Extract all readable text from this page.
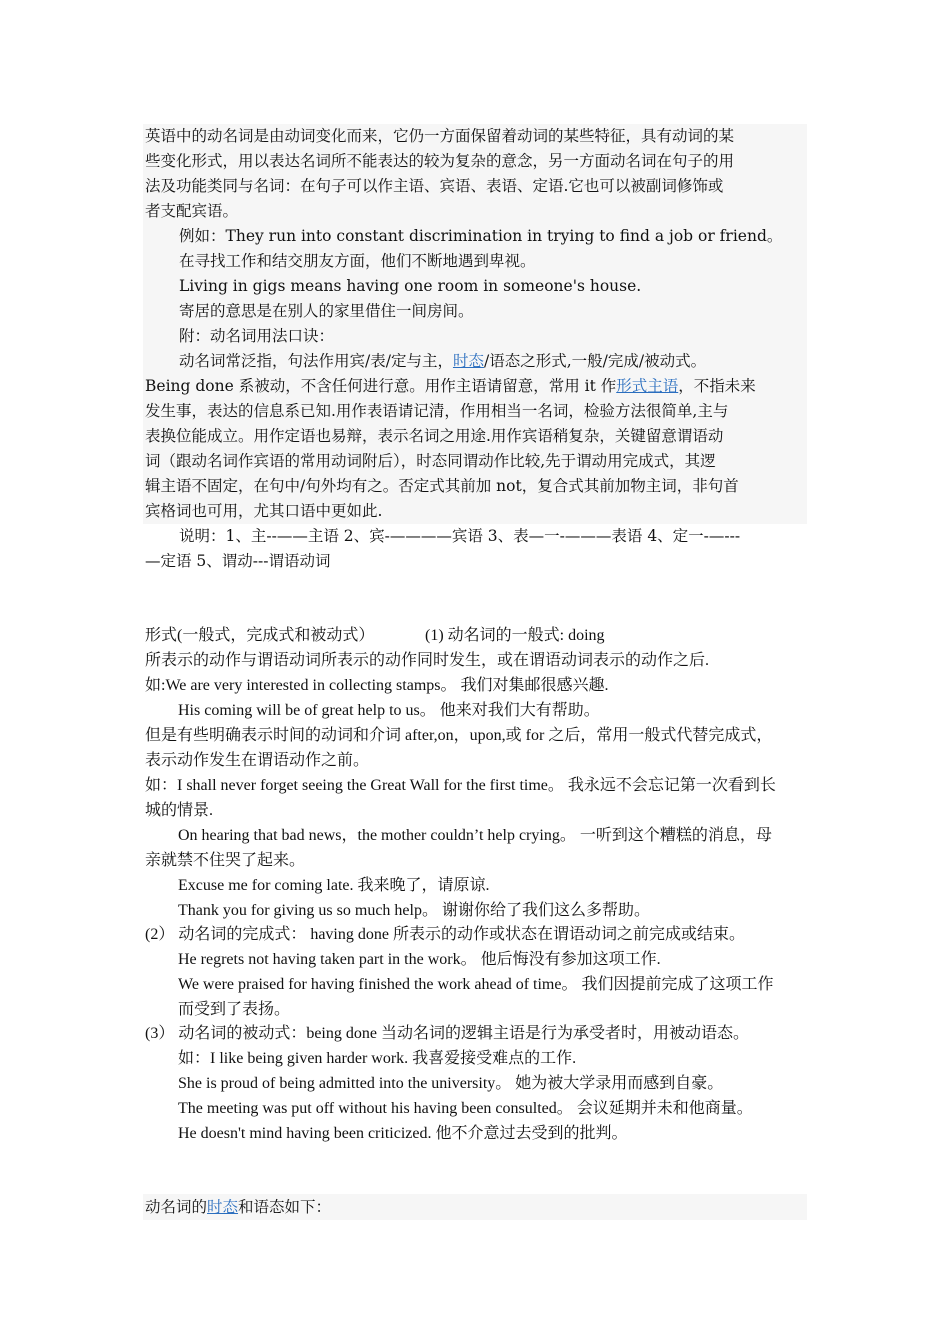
英语中的动名词是由动词变化而来，它仍一方面保留着动词的某些特征，具有动词的某
些变化形式，用以表达名词所不能表达的较为复杂的意念，另一方面动名词在句子的用
法及功能类同与名词：在句子可以作主语、宾语、表语、定语.它也可以被副词修饰或
者支配宾语。
例如：They run into constant discrimination in trying to find a job or friend。
在寻找工作和结交朋友方面，他们不断地遇到卑视。
Living in gigs means having one room in someone's house.
寄居的意思是在别人的家里借住一间房间。
附：动名词用法口诀：
动名词常泛指，句法作用宾/表/定与主，时态/语态之形式,一般/完成/被动式。
Being done 系被动，不含任何进行意。用作主语请留意，常用 it 作形式主语，不指未来
发生事，表达的信息系已知.用作表语请记清，作用相当一名词，检验方法很简单,主与
表换位能成立。用作定语也易辩，表示名词之用途.用作宾语稍复杂，关键留意谓语动
词（跟动名词作宾语的常用动词附后），时态同谓动作比较,先于谓动用完成式，其逻
辑主语不固定，在句中/句外均有之。否定式其前加 not，复合式其前加物主词，非句首
宾格词也可用，尤其口语中更如此.
说明：1、主--——主语 2、宾-————宾语 3、表—一-———表语 4、定一-—---
—定语 5、谓动---谓语动词
形式(一般式，完成式和被动式）	(1) 动名词的一般式: doing
所表示的动作与谓语动词所表示的动作同时发生，或在谓语动词表示的动作之后.
如:We are very interested in collecting stamps。 我们对集邮很感兴趣.
His coming will be of great help to us。 他来对我们大有帮助。
但是有些明确表示时间的动词和介词 after,on，upon,或 for 之后，常用一般式代替完成式，
表示动作发生在谓语动作之前。
如：I shall never forget seeing the Great Wall for the first time。 我永远不会忘记第一次看到长
城的情景.
On hearing that bad news，the mother couldn’t help crying。 一听到这个糟糕的消息，母
亲就禁不住哭了起来。
Excuse me for coming late. 我来晚了，请原谅.
Thank you for giving us so much help。 谢谢你给了我们这么多帮助。
(2） 动名词的完成式： having done 所表示的动作或状态在谓语动词之前完成或结束。
He regrets not having taken part in the work。 他后悔没有参加这项工作.
We were praised for having finished the work ahead of time。 我们因提前完成了这项工作
而受到了表扬。
(3） 动名词的被动式：being done 当动名词的逻辑主语是行为承受者时，用被动语态。
如：I like being given harder work. 我喜爱接受难点的工作.
She is proud of being admitted into the university。 她为被大学录用而感到自豪。
The meeting was put off without his having been consulted。 会议延期并未和他商量。
He doesn't mind having been criticized. 他不介意过去受到的批判。
动名词的时态和语态如下：
